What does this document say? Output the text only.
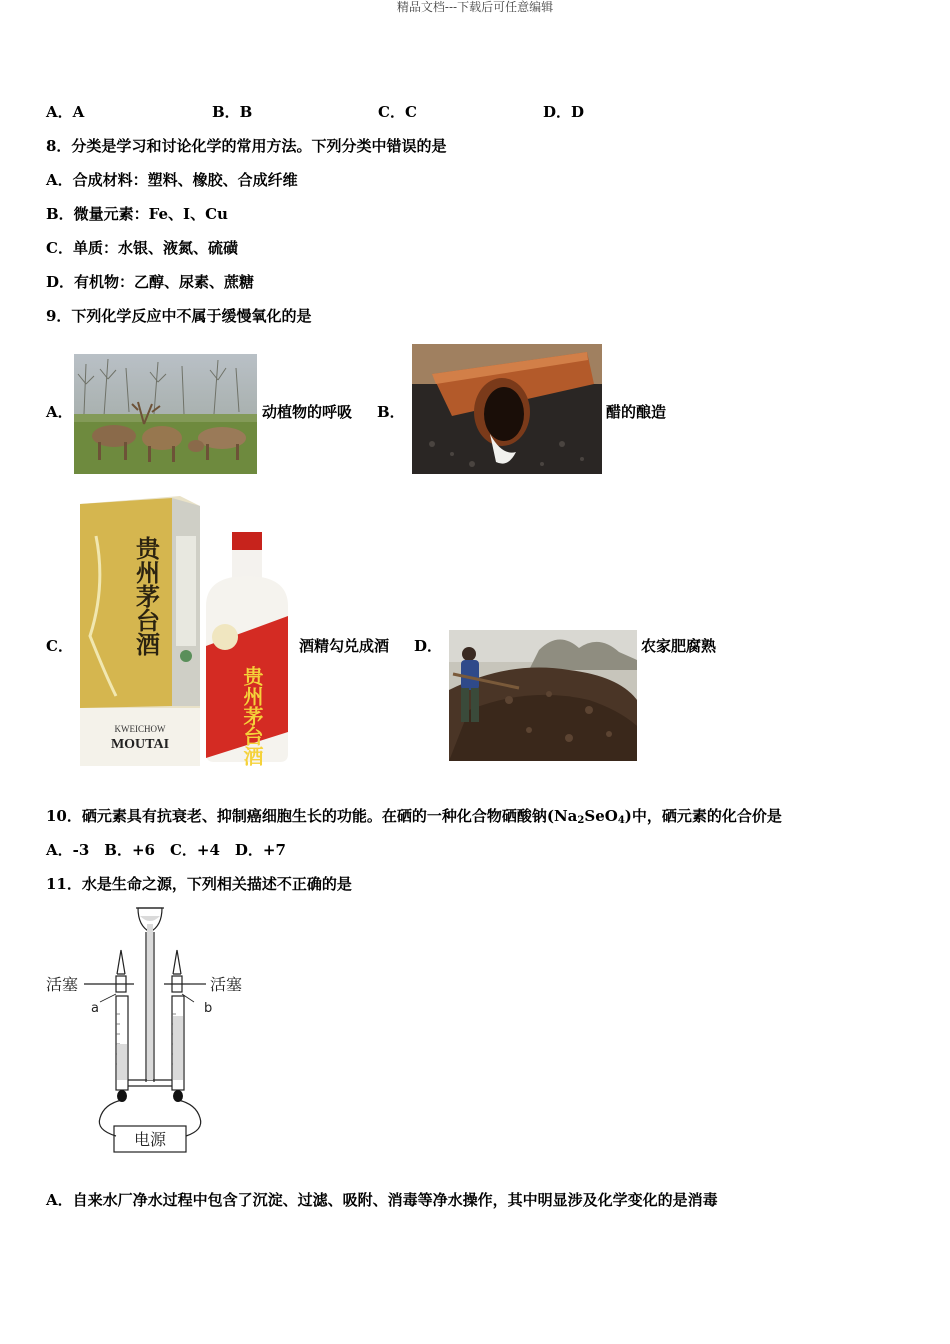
精品文档---下载后可任意编辑
A．A	B．B	C．C	D．D
8．分类是学习和讨论化学的常用方法。下列分类中错误的是
A．合成材料：塑料、橡胶、合成纤维
B．微量元素：Fe、I、Cu
C．单质：水银、液氮、硫磺
D．有机物：乙醇、尿素、蔗糖
9．下列化学反应中不属于缓慢氧化的是
A．	动植物的呼吸 B．	醋的酿造
C．
KWEICHOW
MOUTAI
贵州茅台酒
贵州茅台酒
酒精勾兑成酒 D．	农家肥腐熟
10．硒元素具有抗衰老、抑制癌细胞生长的功能。在硒的一种化合物硒酸钠$(Na_2SeO_4)$中，硒元素的化合价是
A．-3　B．+6　C．+4　D．+7
11．水是生命之源，下列相关描述不正确的是
活塞	活塞
a	b
电源
A．自来水厂净水过程中包含了沉淀、过滤、吸附、消毒等净水操作，其中明显涉及化学变化的是消毒
